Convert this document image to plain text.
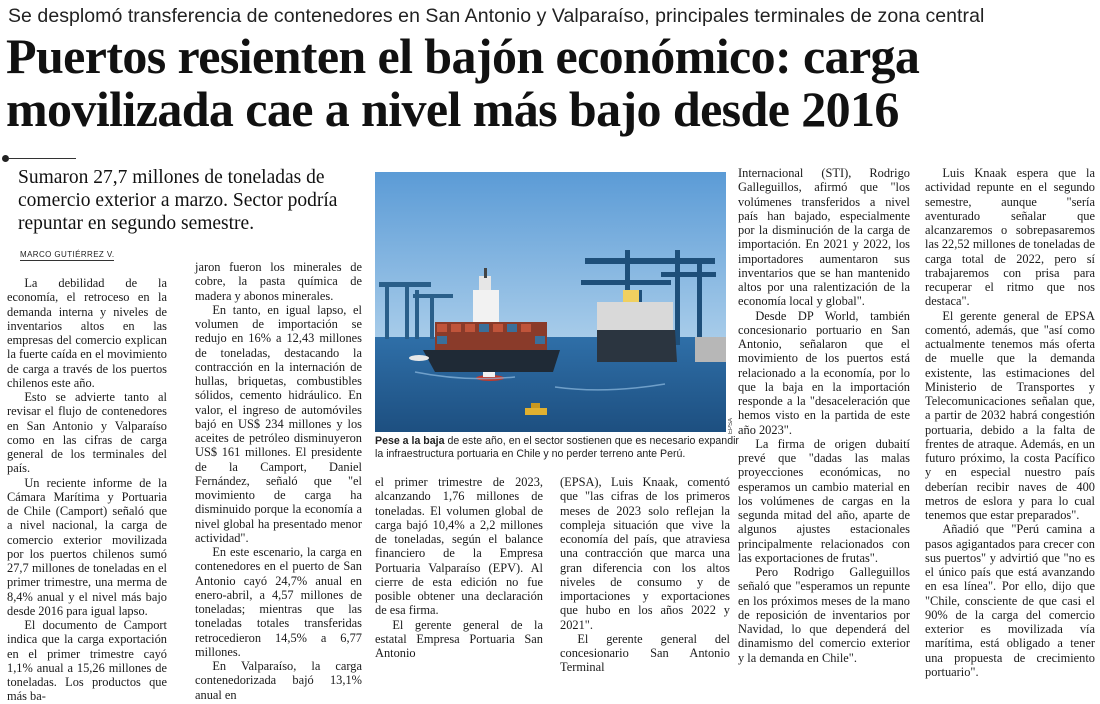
Se desplomó transferencia de contenedores en San Antonio y Valparaíso, principales terminales de zona central
Puertos resienten el bajón económico: carga
movilizada cae a nivel más bajo desde 2016
Sumaron 27,7 millones de toneladas de
comercio exterior a marzo. Sector podría
repuntar en segundo semestre.
MARCO GUTIÉRREZ V.

La debilidad de la economía, el retroceso en la demanda interna y niveles de inventarios altos en las empresas del comercio explican la fuerte caída en el movimiento de carga a través de los puertos chilenos este año.

Esto se advierte tanto al revisar el flujo de contenedores en San Antonio y Valparaíso como en las cifras de carga general de los terminales del país.

Un reciente informe de la Cámara Marítima y Portuaria de Chile (Camport) señaló que a nivel nacional, la carga de comercio exterior movilizada por los puertos chilenos sumó 27,7 millones de toneladas en el primer trimestre, una merma de 8,4% anual y el nivel más bajo desde 2016 para igual lapso.

El documento de Camport indica que la carga exportación en el primer trimestre cayó 1,1% anual a 15,26 millones de toneladas. Los productos que más ba-

jaron fueron los minerales de cobre, la pasta química de madera y abonos minerales.

En tanto, en igual lapso, el volumen de importación se redujo en 16% a 12,43 millones de toneladas, destacando la contracción en la internación de hullas, briquetas, combustibles sólidos, cemento hidráulico. En valor, el ingreso de automóviles bajó en US$ 234 millones y los aceites de petróleo disminuyeron US$ 161 millones. El presidente de la Camport, Daniel Fernández, señaló que "el movimiento de carga ha disminuido porque la economía a nivel global ha presentado menor actividad".

En este escenario, la carga en contenedores en el puerto de San Antonio cayó 24,7% anual en enero-abril, a 4,57 millones de toneladas; mientras que las toneladas totales transferidas retrocedieron 14,5% a 6,77 millones.

En Valparaíso, la carga contenedorizada bajó 13,1% anual en

EPSA
Pese a la baja de este año, en el sector sostienen que es necesario expandir
la infraestructura portuaria en Chile y no perder terreno ante Perú.

el primer trimestre de 2023, alcanzando 1,76 millones de toneladas. El volumen global de carga bajó 10,4% a 2,2 millones de toneladas, según el balance financiero de la Empresa Portuaria Valparaíso (EPV). Al cierre de esta edición no fue posible obtener una declaración de esa firma.

El gerente general de la estatal Empresa Portuaria San Antonio

(EPSA), Luis Knaak, comentó que "las cifras de los primeros meses de 2023 solo reflejan la compleja situación que vive la economía del país, que atraviesa una contracción que marca una gran diferencia con los altos niveles de consumo y de importaciones y exportaciones que hubo en los años 2022 y 2021".

El gerente general del concesionario San Antonio Terminal

Internacional (STI), Rodrigo Galleguillos, afirmó que "los volúmenes transferidos a nivel país han bajado, especialmente por la disminución de la carga de importación. En 2021 y 2022, los importadores aumentaron sus inventarios que se han mantenido altos por una ralentización de la economía local y global".

Desde DP World, también concesionario portuario en San Antonio, señalaron que el movimiento de los puertos está relacionado a la economía, por lo que la baja en la importación responde a la "desaceleración que hemos visto en la partida de este año 2023".

La firma de origen dubaití prevé que "dadas las malas proyecciones económicas, no esperamos un cambio material en los volúmenes de cargas en la segunda mitad del año, aparte de algunos ajustes estacionales principalmente relacionados con las exportaciones de frutas".

Pero Rodrigo Galleguillos señaló que "esperamos un repunte en los próximos meses de la mano de reposición de inventarios por Navidad, lo que dependerá del dinamismo del comercio exterior y la demanda en Chile".

Luis Knaak espera que la actividad repunte en el segundo semestre, aunque "sería aventurado señalar que alcanzaremos o sobrepasaremos las 22,52 millones de toneladas de carga total de 2022, pero sí trabajaremos con prisa para recuperar el ritmo que nos destaca".

El gerente general de EPSA comentó, además, que "así como actualmente tenemos más oferta de muelle que la demanda existente, las estimaciones del Ministerio de Transportes y Telecomunicaciones señalan que, a partir de 2032 habrá congestión portuaria, debido a la falta de frentes de atraque. Además, en un futuro próximo, la costa Pacífico y en especial nuestro país deberían recibir naves de 400 metros de eslora y para lo cual tenemos que estar preparados".

Añadió que "Perú camina a pasos agigantados para crecer con sus puertos" y advirtió que "no es el único país que está avanzando en esa línea". Por ello, dijo que "Chile, consciente de que casi el 90% de la carga del comercio exterior es movilizada vía marítima, está obligado a tener una propuesta de crecimiento portuario".
